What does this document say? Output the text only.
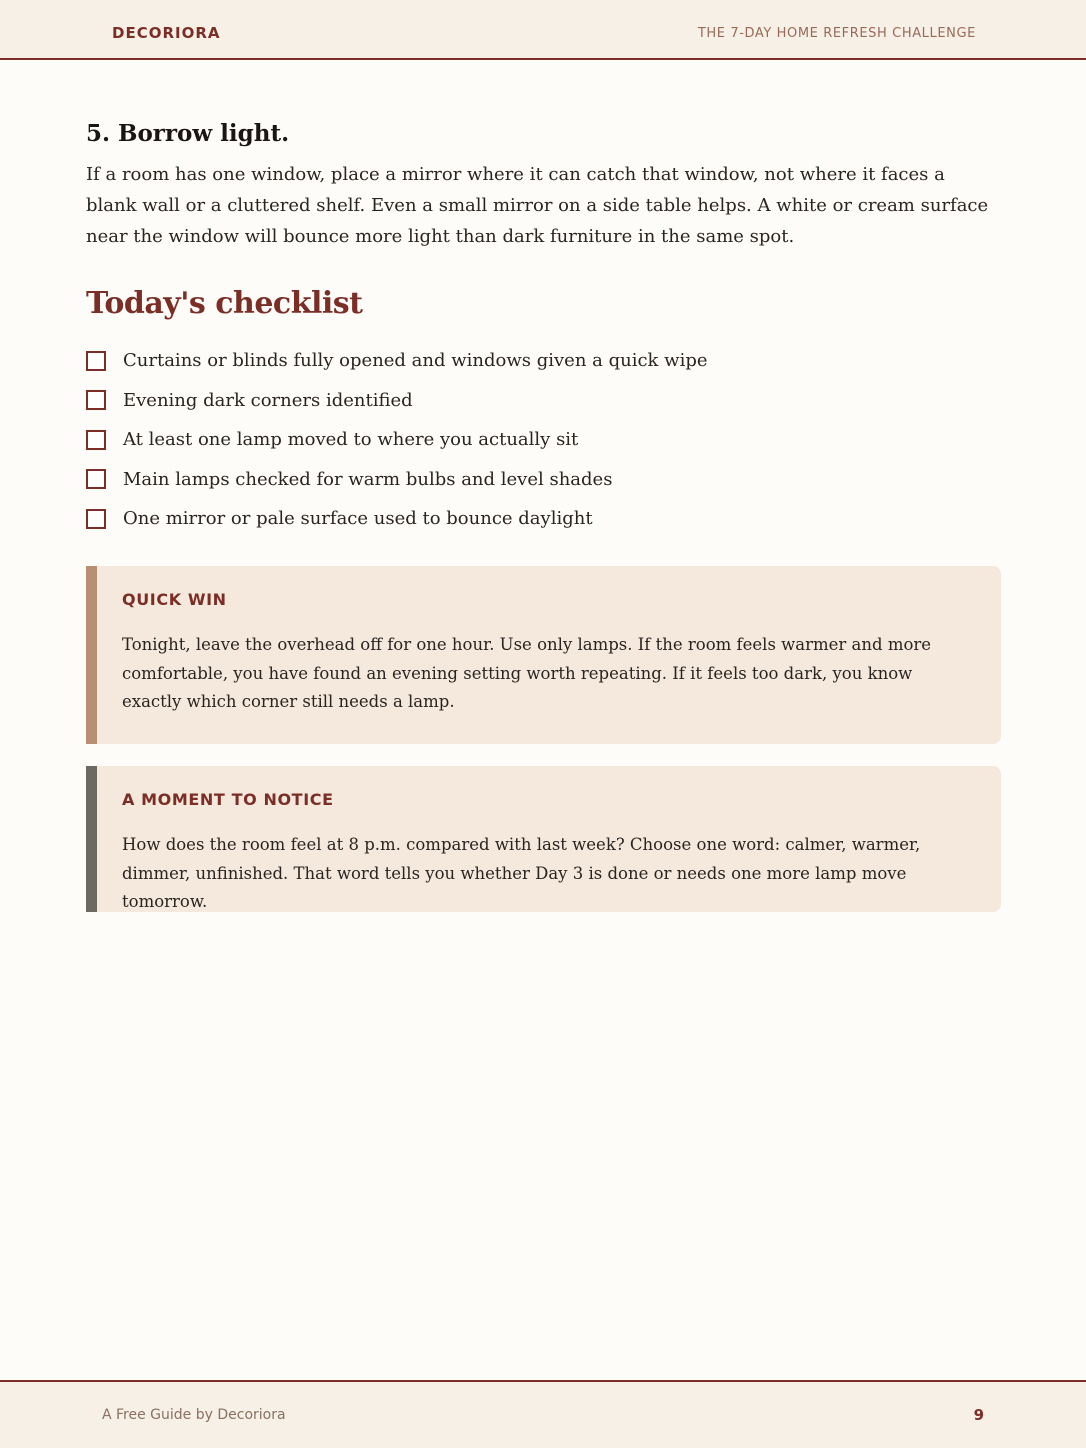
DECORIORA	THE 7-DAY HOME REFRESH CHALLENGE
5. Borrow light.

If a room has one window, place a mirror where it can catch that window, not where it faces a blank wall or a cluttered shelf. Even a small mirror on a side table helps. A white or cream surface near the window will bounce more light than dark furniture in the same spot.

Today's checklist
Curtains or blinds fully opened and windows given a quick wipe
Evening dark corners identified
At least one lamp moved to where you actually sit
Main lamps checked for warm bulbs and level shades
One mirror or pale surface used to bounce daylight
QUICK WIN

Tonight, leave the overhead off for one hour. Use only lamps. If the room feels warmer and more comfortable, you have found an evening setting worth repeating. If it feels too dark, you know exactly which corner still needs a lamp.

A MOMENT TO NOTICE

How does the room feel at 8 p.m. compared with last week? Choose one word: calmer, warmer, dimmer, unfinished. That word tells you whether Day 3 is done or needs one more lamp move tomorrow.

A Free Guide by Decoriora	9
